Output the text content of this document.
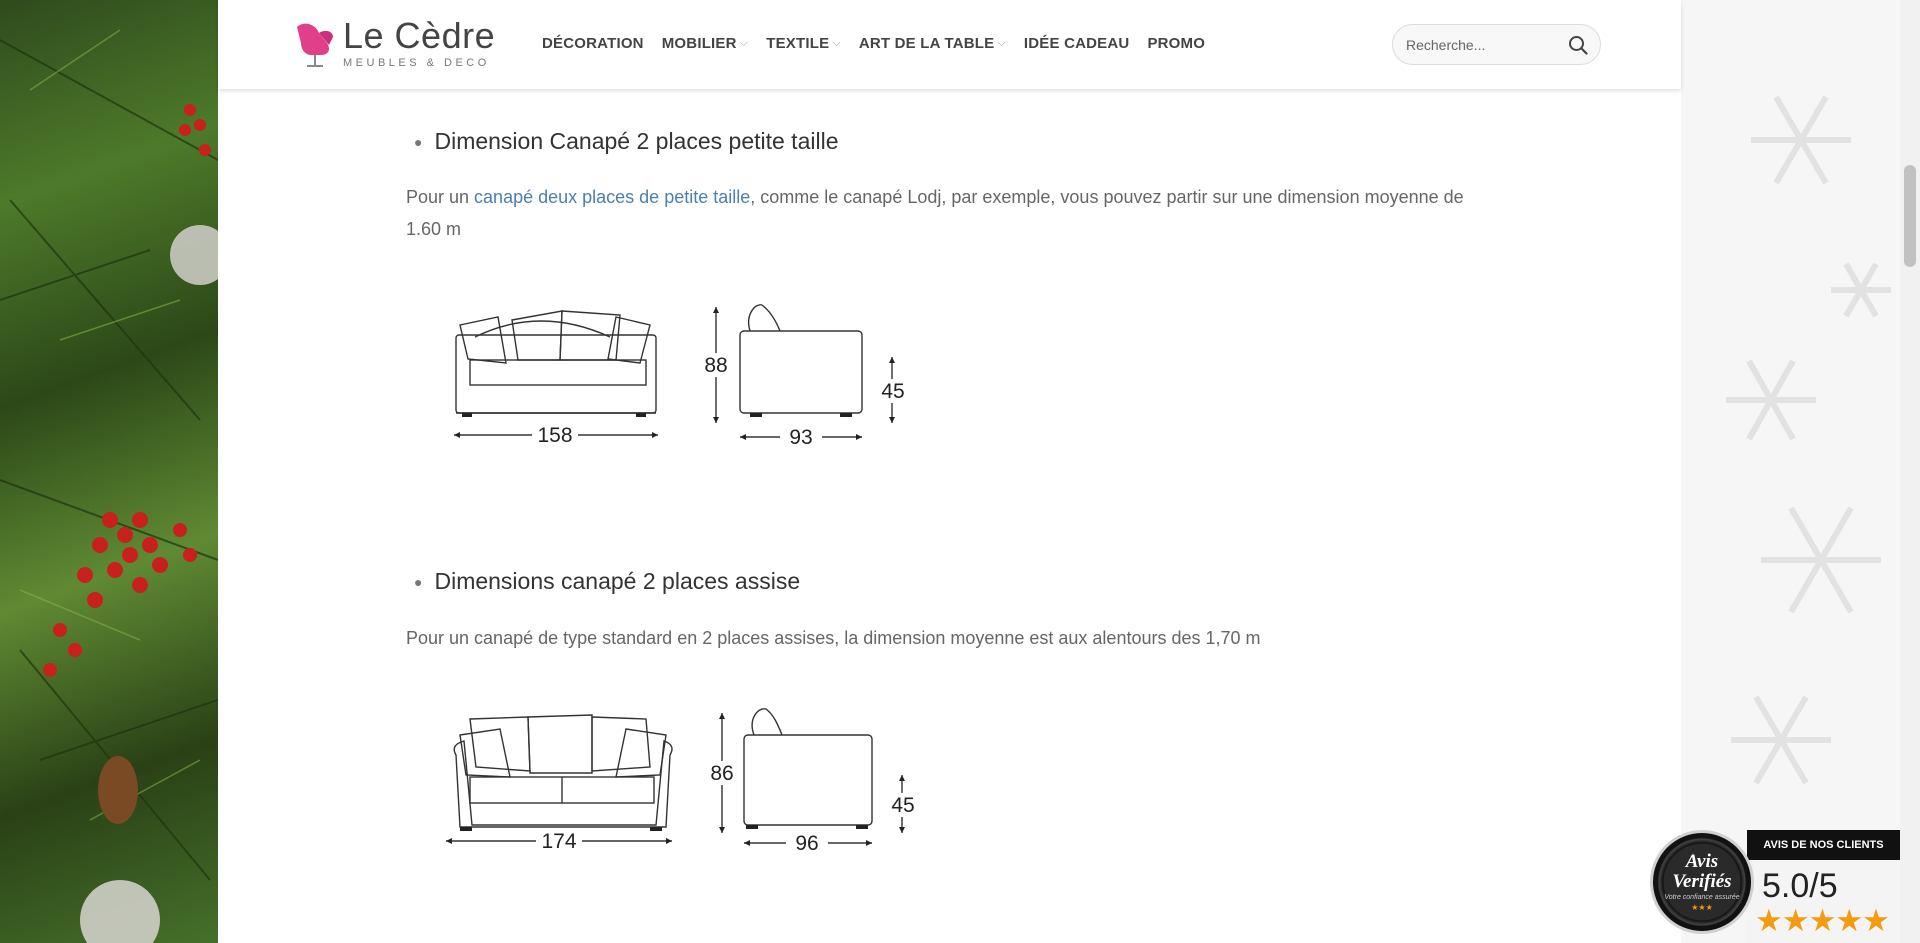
Le Cèdre
MEUBLES & DECO
DÉCORATION MOBILIER ⌵ TEXTILE ⌵ ART DE LA TABLE ⌵ IDÉE CADEAU PROMO
Recherche...
● Dimension Canapé 2 places petite taille
Pour un canapé deux places de petite taille, comme le canapé Lodj, par exemple, vous pouvez partir sur une dimension moyenne de 1.60 m
158
88
93
45
● Dimensions canapé 2 places assise
Pour un canapé de type standard en 2 places assises, la dimension moyenne est aux alentours des 1,70 m
174
86
96
45
AVIS DE NOS CLIENTS
5.0/5
★★★★★
Avis
Verifiés
Votre confiance assurée
★★★
